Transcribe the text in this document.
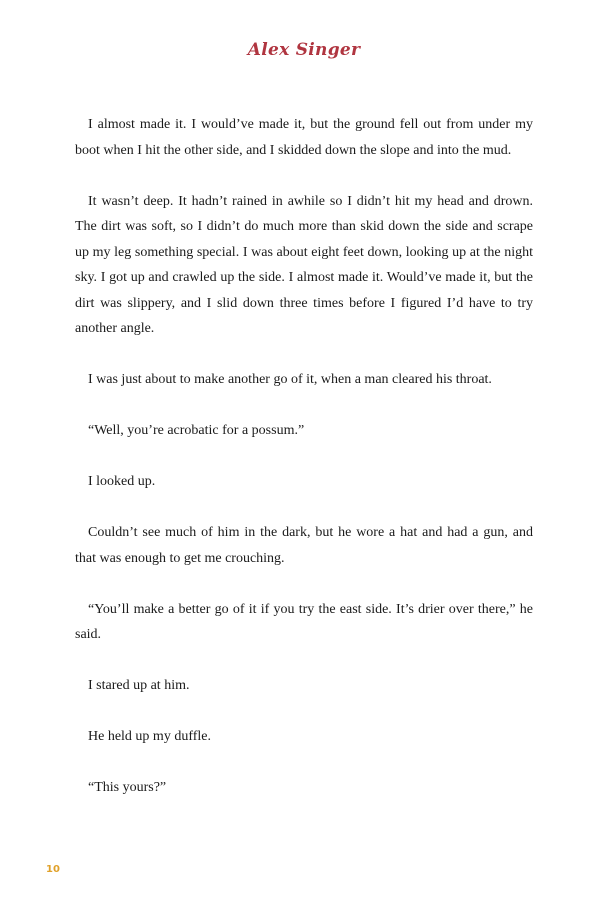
Alex Singer

I almost made it. I would’ve made it, but the ground fell out from under my boot when I hit the other side, and I skidded down the slope and into the mud.

It wasn’t deep. It hadn’t rained in awhile so I didn’t hit my head and drown. The dirt was soft, so I didn’t do much more than skid down the side and scrape up my leg something special. I was about eight feet down, looking up at the night sky. I got up and crawled up the side. I almost made it. Would’ve made it, but the dirt was slippery, and I slid down three times before I figured I’d have to try another angle.

I was just about to make another go of it, when a man cleared his throat.

“Well, you’re acrobatic for a possum.”

I looked up.

Couldn’t see much of him in the dark, but he wore a hat and had a gun, and that was enough to get me crouching.

“You’ll make a better go of it if you try the east side. It’s drier over there,” he said.

I stared up at him.

He held up my duffle.

“This yours?”

10
